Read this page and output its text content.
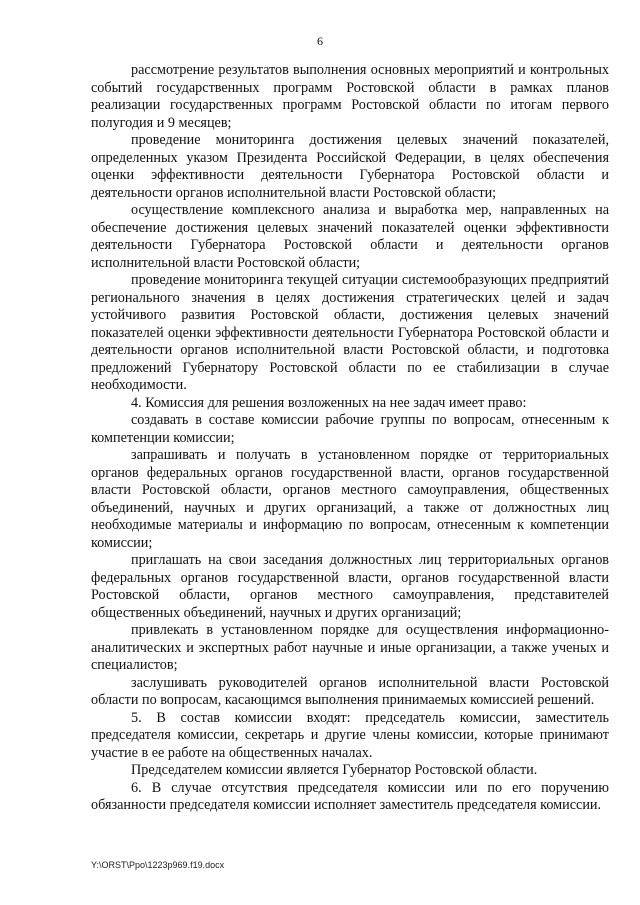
6

рассмотрение результатов выполнения основных мероприятий и контрольных событий государственных программ Ростовской области в рамках планов реализации государственных программ Ростовской области по итогам первого полугодия и 9 месяцев;

проведение мониторинга достижения целевых значений показателей, определенных указом Президента Российской Федерации, в целях обеспечения оценки эффективности деятельности Губернатора Ростовской области и деятельности органов исполнительной власти Ростовской области;

осуществление комплексного анализа и выработка мер, направленных на обеспечение достижения целевых значений показателей оценки эффективности деятельности Губернатора Ростовской области и деятельности органов исполнительной власти Ростовской области;

проведение мониторинга текущей ситуации системообразующих предприятий регионального значения в целях достижения стратегических целей и задач устойчивого развития Ростовской области, достижения целевых значений показателей оценки эффективности деятельности Губернатора Ростовской области и деятельности органов исполнительной власти Ростовской области, и подготовка предложений Губернатору Ростовской области по ее стабилизации в случае необходимости.

4. Комиссия для решения возложенных на нее задач имеет право:

создавать в составе комиссии рабочие группы по вопросам, отнесенным к компетенции комиссии;

запрашивать и получать в установленном порядке от территориальных органов федеральных органов государственной власти, органов государственной власти Ростовской области, органов местного самоуправления, общественных объединений, научных и других организаций, а также от должностных лиц необходимые материалы и информацию по вопросам, отнесенным к компетенции комиссии;

приглашать на свои заседания должностных лиц территориальных органов федеральных органов государственной власти, органов государственной власти Ростовской области, органов местного самоуправления, представителей общественных объединений, научных и других организаций;

привлекать в установленном порядке для осуществления информационно-аналитических и экспертных работ научные и иные организации, а также ученых и специалистов;

заслушивать руководителей органов исполнительной власти Ростовской области по вопросам, касающимся выполнения принимаемых комиссией решений.

5. В состав комиссии входят: председатель комиссии, заместитель председателя комиссии, секретарь и другие члены комиссии, которые принимают участие в ее работе на общественных началах.

Председателем комиссии является Губернатор Ростовской области.

6. В случае отсутствия председателя комиссии или по его поручению обязанности председателя комиссии исполняет заместитель председателя комиссии.

Y:\ORST\Ppo\1223p969.f19.docx
